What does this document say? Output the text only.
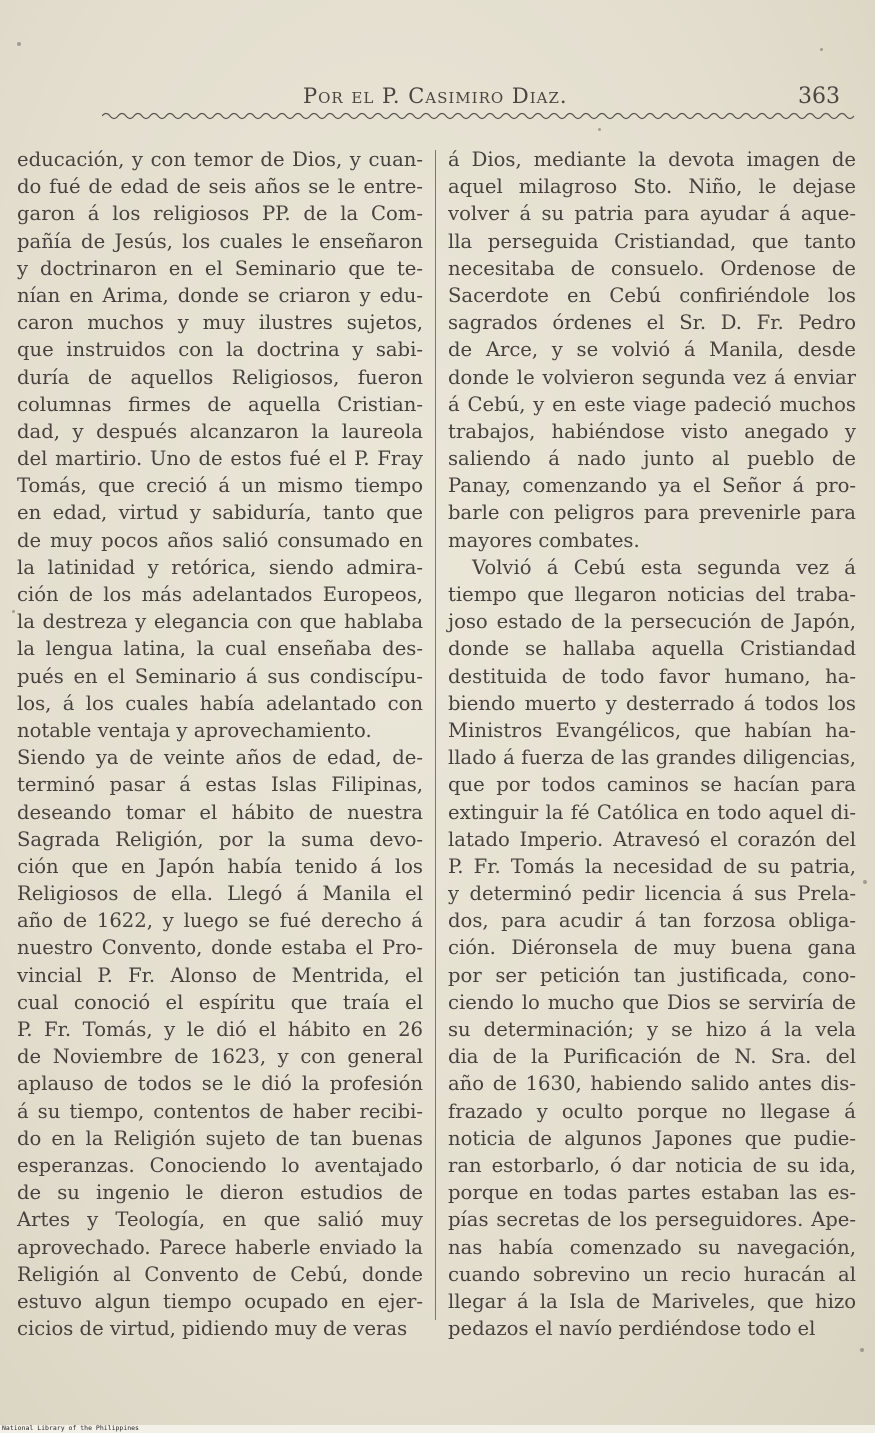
Por el P. Casimiro Diaz.	363
educación, y con temor de Dios, y cuan-
do fué de edad de seis años se le entre-
garon á los religiosos PP. de la Com-
pañía de Jesús, los cuales le enseñaron
y doctrinaron en el Seminario que te-
nían en Arima, donde se criaron y edu-
caron muchos y muy ilustres sujetos,
que instruidos con la doctrina y sabi-
duría de aquellos Religiosos, fueron
columnas firmes de aquella Cristian-
dad, y después alcanzaron la laureola
del martirio. Uno de estos fué el P. Fray
Tomás, que creció á un mismo tiempo
en edad, virtud y sabiduría, tanto que
de muy pocos años salió consumado en
la latinidad y retórica, siendo admira-
ción de los más adelantados Europeos,
la destreza y elegancia con que hablaba
la lengua latina, la cual enseñaba des-
pués en el Seminario á sus condiscípu-
los, á los cuales había adelantado con
notable ventaja y aprovechamiento.
Siendo ya de veinte años de edad, de-
terminó pasar á estas Islas Filipinas,
deseando tomar el hábito de nuestra
Sagrada Religión, por la suma devo-
ción que en Japón había tenido á los
Religiosos de ella. Llegó á Manila el
año de 1622, y luego se fué derecho á
nuestro Convento, donde estaba el Pro-
vincial P. Fr. Alonso de Mentrida, el
cual conoció el espíritu que traía el
P. Fr. Tomás, y le dió el hábito en 26
de Noviembre de 1623, y con general
aplauso de todos se le dió la profesión
á su tiempo, contentos de haber recibi-
do en la Religión sujeto de tan buenas
esperanzas. Conociendo lo aventajado
de su ingenio le dieron estudios de
Artes y Teología, en que salió muy
aprovechado. Parece haberle enviado la
Religión al Convento de Cebú, donde
estuvo algun tiempo ocupado en ejer-
cicios de virtud, pidiendo muy de veras
á Dios, mediante la devota imagen de
aquel milagroso Sto. Niño, le dejase
volver á su patria para ayudar á aque-
lla perseguida Cristiandad, que tanto
necesitaba de consuelo. Ordenose de
Sacerdote en Cebú confiriéndole los
sagrados órdenes el Sr. D. Fr. Pedro
de Arce, y se volvió á Manila, desde
donde le volvieron segunda vez á enviar
á Cebú, y en este viage padeció muchos
trabajos, habiéndose visto anegado y
saliendo á nado junto al pueblo de
Panay, comenzando ya el Señor á pro-
barle con peligros para prevenirle para
mayores combates.
Volvió á Cebú esta segunda vez á
tiempo que llegaron noticias del traba-
joso estado de la persecución de Japón,
donde se hallaba aquella Cristiandad
destituida de todo favor humano, ha-
biendo muerto y desterrado á todos los
Ministros Evangélicos, que habían ha-
llado á fuerza de las grandes diligencias,
que por todos caminos se hacían para
extinguir la fé Católica en todo aquel di-
latado Imperio. Atravesó el corazón del
P. Fr. Tomás la necesidad de su patria,
y determinó pedir licencia á sus Prela-
dos, para acudir á tan forzosa obliga-
ción. Diéronsela de muy buena gana
por ser petición tan justificada, cono-
ciendo lo mucho que Dios se serviría de
su determinación; y se hizo á la vela
dia de la Purificación de N. Sra. del
año de 1630, habiendo salido antes dis-
frazado y oculto porque no llegase á
noticia de algunos Japones que pudie-
ran estorbarlo, ó dar noticia de su ida,
porque en todas partes estaban las es-
pías secretas de los perseguidores. Ape-
nas había comenzado su navegación,
cuando sobrevino un recio huracán al
llegar á la Isla de Mariveles, que hizo
pedazos el navío perdiéndose todo el
National Library of the Philippines
